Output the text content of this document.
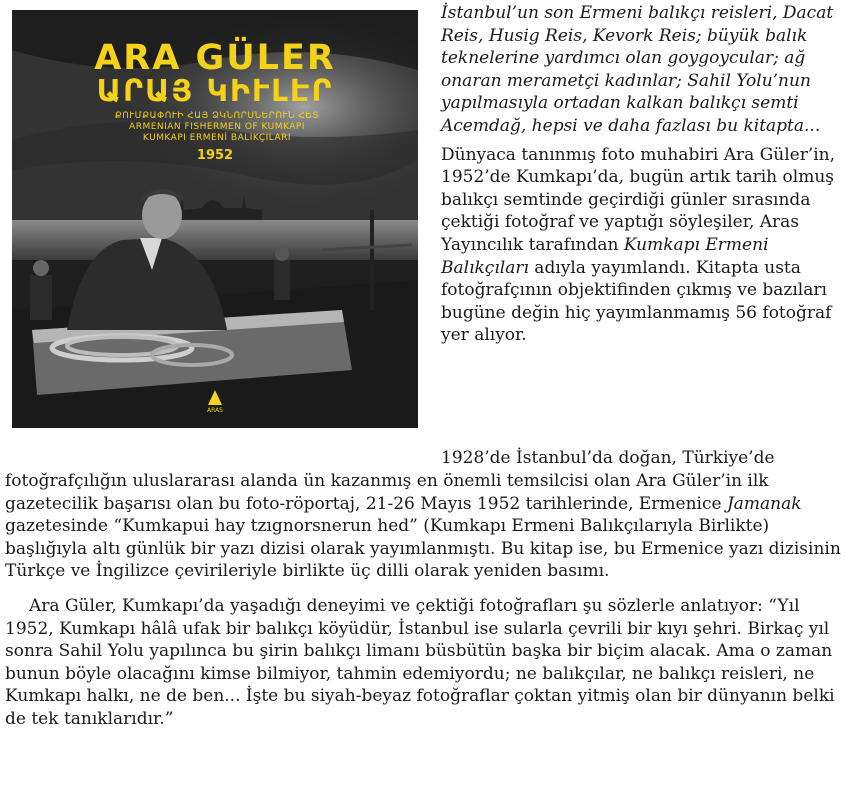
ARA GÜLER
ԱՐԱՅ ԿԻՒԼԷՐ
ՔՈՒՄՔԱՓՈՒԻ ՀԱՅ ՁԿՆՈՐՍՆԵՐՈՒՆ ՀԵՏ
ARMENIAN FISHERMEN OF KUMKAPI
KUMKAPI ERMENİ BALIKÇILARI
1952
ARAS

İstanbul’un son Ermeni balıkçı reisleri, Dacat Reis, Husig Reis, Kevork Reis; büyük balık teknelerine yardımcı olan goygoycular; ağ onaran merametçi kadınlar; Sahil Yolu’nun yapılmasıyla ortadan kalkan balıkçı semti Acemdağ, hepsi ve daha fazlası bu kitapta...

Dünyaca tanınmış foto muhabiri Ara Güler’in, 1952’de Kumkapı’da, bugün artık tarih olmuş balıkçı semtinde geçirdiği günler sırasında çektiği fotoğraf ve yaptığı söyleşiler, Aras Yayıncılık tarafından Kumkapı Ermeni Balıkçıları adıyla yayımlandı. Kitapta usta fotoğrafçının objektifinden çıkmış ve bazıları bugüne değin hiç yayımlanmamış 56 fotoğraf yer alıyor.

1928’de İstanbul’da doğan, Türkiye’de

fotoğrafçılığın uluslararası alanda ün kazanmış en önemli temsilcisi olan Ara Güler’in ilk gazetecilik başarısı olan bu foto-röportaj, 21-26 Mayıs 1952 tarihlerinde, Ermenice Jamanak gazetesinde “Kumkapui hay tzıgnorsnerun hed” (Kumkapı Ermeni Balıkçılarıyla Birlikte) başlığıyla altı günlük bir yazı dizisi olarak yayımlanmıştı. Bu kitap ise, bu Ermenice yazı dizisinin Türkçe ve İngilizce çevirileriyle birlikte üç dilli olarak yeniden basımı.

Ara Güler, Kumkapı’da yaşadığı deneyimi ve çektiği fotoğrafları şu sözlerle anlatıyor: “Yıl 1952, Kumkapı hâlâ ufak bir balıkçı köyüdür, İstanbul ise sularla çevrili bir kıyı şehri. Birkaç yıl sonra Sahil Yolu yapılınca bu şirin balıkçı limanı büsbütün başka bir biçim alacak. Ama o zaman bunun böyle olacağını kimse bilmiyor, tahmin edemiyordu; ne balıkçılar, ne balıkçı reisleri, ne Kumkapı halkı, ne de ben... İşte bu siyah-beyaz fotoğraflar çoktan yitmiş olan bir dünyanın belki de tek tanıklarıdır.”
